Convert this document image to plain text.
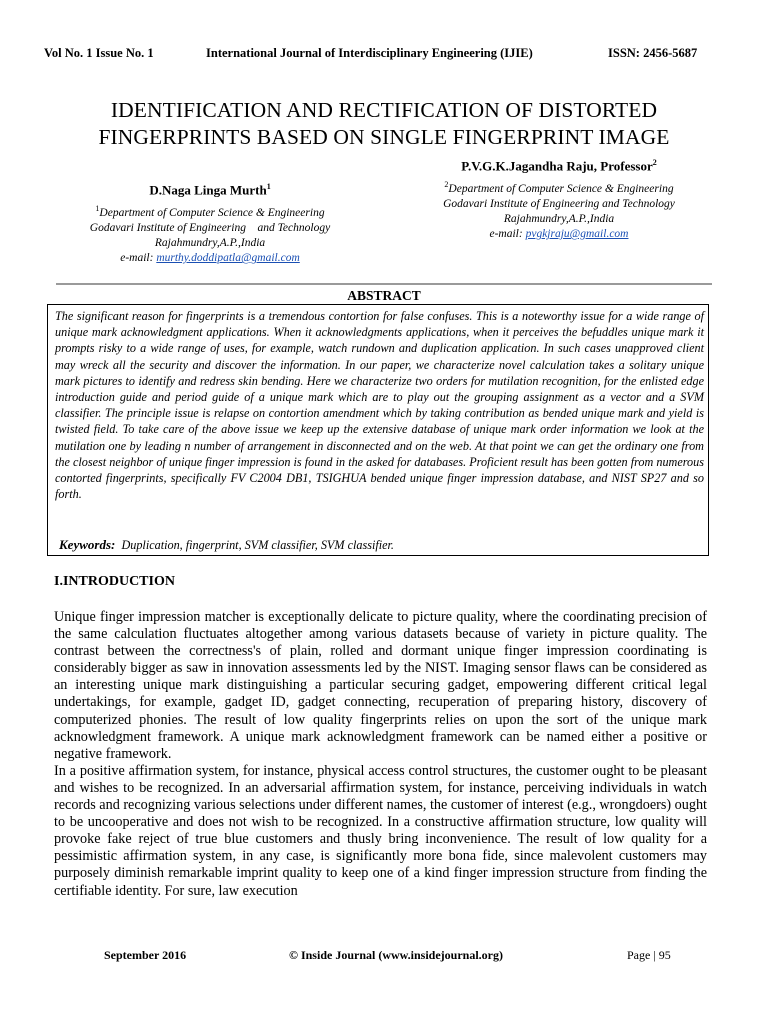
Vol No. 1 Issue No. 1	International Journal of Interdisciplinary Engineering (IJIE)	ISSN: 2456-5687
IDENTIFICATION AND RECTIFICATION OF DISTORTED
FINGERPRINTS BASED ON SINGLE FINGERPRINT IMAGE
D.Naga Linga Murth$^1$
$^1$Department of Computer Science & Engineering
Godavari Institute of Engineering    and Technology
Rajahmundry,A.P.,India
e-mail: murthy.doddipatla@gmail.com
P.V.G.K.Jagandha Raju, Professor$^2$
$^2$Department of Computer Science & Engineering
Godavari Institute of Engineering and Technology
Rajahmundry,A.P.,India
e-mail: pvgkjraju@gmail.com
ABSTRACT
The significant reason for fingerprints is a tremendous contortion for false confuses. This is a noteworthy issue for a wide range of unique mark acknowledgment applications. When it acknowledgments applications, when it perceives the befuddles unique mark it prompts risky to a wide range of uses, for example, watch rundown and duplication application. In such cases unapproved client may wreck all the security and discover the information. In our paper, we characterize novel calculation takes a solitary unique mark pictures to identify and redress skin bending. Here we characterize two orders for mutilation recognition, for the enlisted edge introduction guide and period guide of a unique mark which are to play out the grouping assignment as a vector and a SVM classifier. The principle issue is relapse on contortion amendment which by taking contribution as bended unique mark and yield is twisted field. To take care of the above issue we keep up the extensive database of unique mark order information we look at the mutilation one by leading n number of arrangement in disconnected and on the web. At that point we can get the ordinary one from the closest neighbor of unique finger impression is found in the asked for databases. Proficient result has been gotten from numerous contorted fingerprints, specifically FV C2004 DB1, TSIGHUA bended unique finger impression database, and NIST SP27 and so forth.
Keywords: Duplication, fingerprint, SVM classifier, SVM classifier.
I.INTRODUCTION

Unique finger impression matcher is exceptionally delicate to picture quality, where the coordinating precision of the same calculation fluctuates altogether among various datasets because of variety in picture quality. The contrast between the correctness's of plain, rolled and dormant unique finger impression coordinating is considerably bigger as saw in innovation assessments led by the NIST. Imaging sensor flaws can be considered as an interesting unique mark distinguishing a particular securing gadget, empowering different critical legal undertakings, for example, gadget ID, gadget connecting, recuperation of preparing history, discovery of computerized phonies. The result of low quality fingerprints relies on upon the sort of the unique mark acknowledgment framework. A unique mark acknowledgment framework can be named either a positive or negative framework.

In a positive affirmation system, for instance, physical access control structures, the customer ought to be pleasant and wishes to be recognized. In an adversarial affirmation system, for instance, perceiving individuals in watch records and recognizing various selections under different names, the customer of interest (e.g., wrongdoers) ought to be uncooperative and does not wish to be recognized. In a constructive affirmation structure, low quality will provoke fake reject of true blue customers and thusly bring inconvenience. The result of low quality for a pessimistic affirmation system, in any case, is significantly more bona fide, since malevolent customers may purposely diminish remarkable imprint quality to keep one of a kind finger impression structure from finding the certifiable identity. For sure, law execution

September 2016	© Inside Journal (www.insidejournal.org)	Page | 95
